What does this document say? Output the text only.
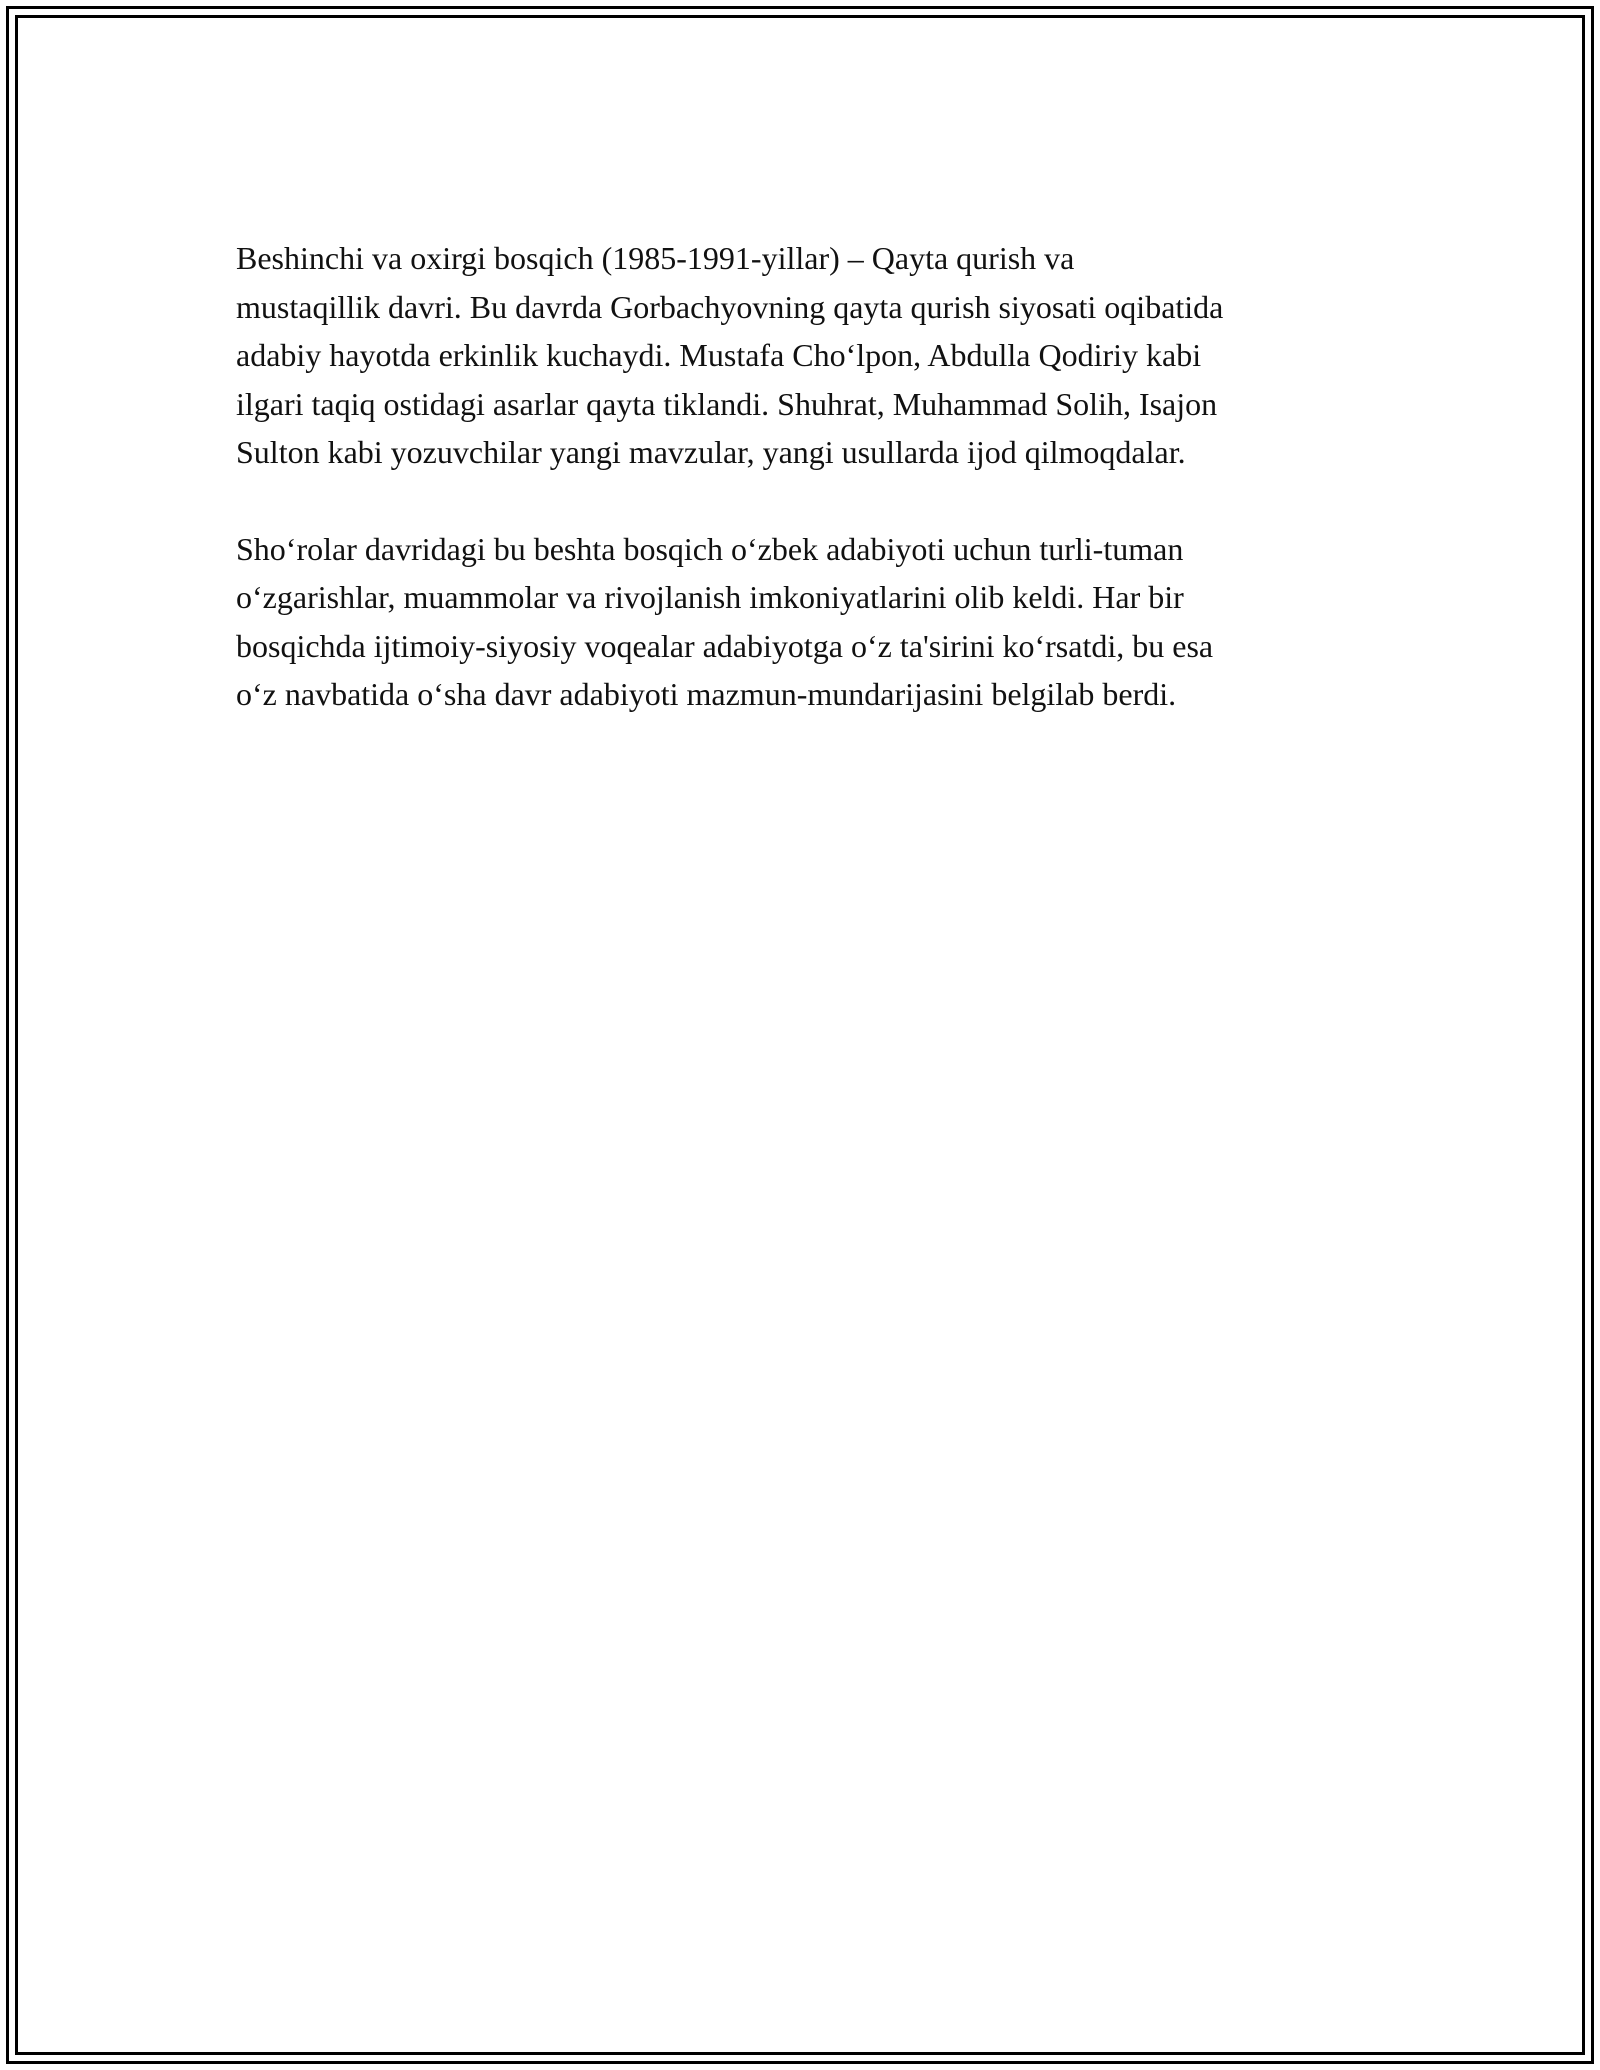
Beshinchi va oxirgi bosqich (1985-1991-yillar) – Qayta qurish va
mustaqillik davri. Bu davrda Gorbachyovning qayta qurish siyosati oqibatida
adabiy hayotda erkinlik kuchaydi. Mustafa Choʻlpon, Abdulla Qodiriy kabi
ilgari taqiq ostidagi asarlar qayta tiklandi. Shuhrat, Muhammad Solih, Isajon
Sulton kabi yozuvchilar yangi mavzular, yangi usullarda ijod qilmoqdalar.

Shoʻrolar davridagi bu beshta bosqich oʻzbek adabiyoti uchun turli-tuman
oʻzgarishlar, muammolar va rivojlanish imkoniyatlarini olib keldi. Har bir
bosqichda ijtimoiy-siyosiy voqealar adabiyotga oʻz ta'sirini koʻrsatdi, bu esa
oʻz navbatida oʻsha davr adabiyoti mazmun-mundarijasini belgilab berdi.
